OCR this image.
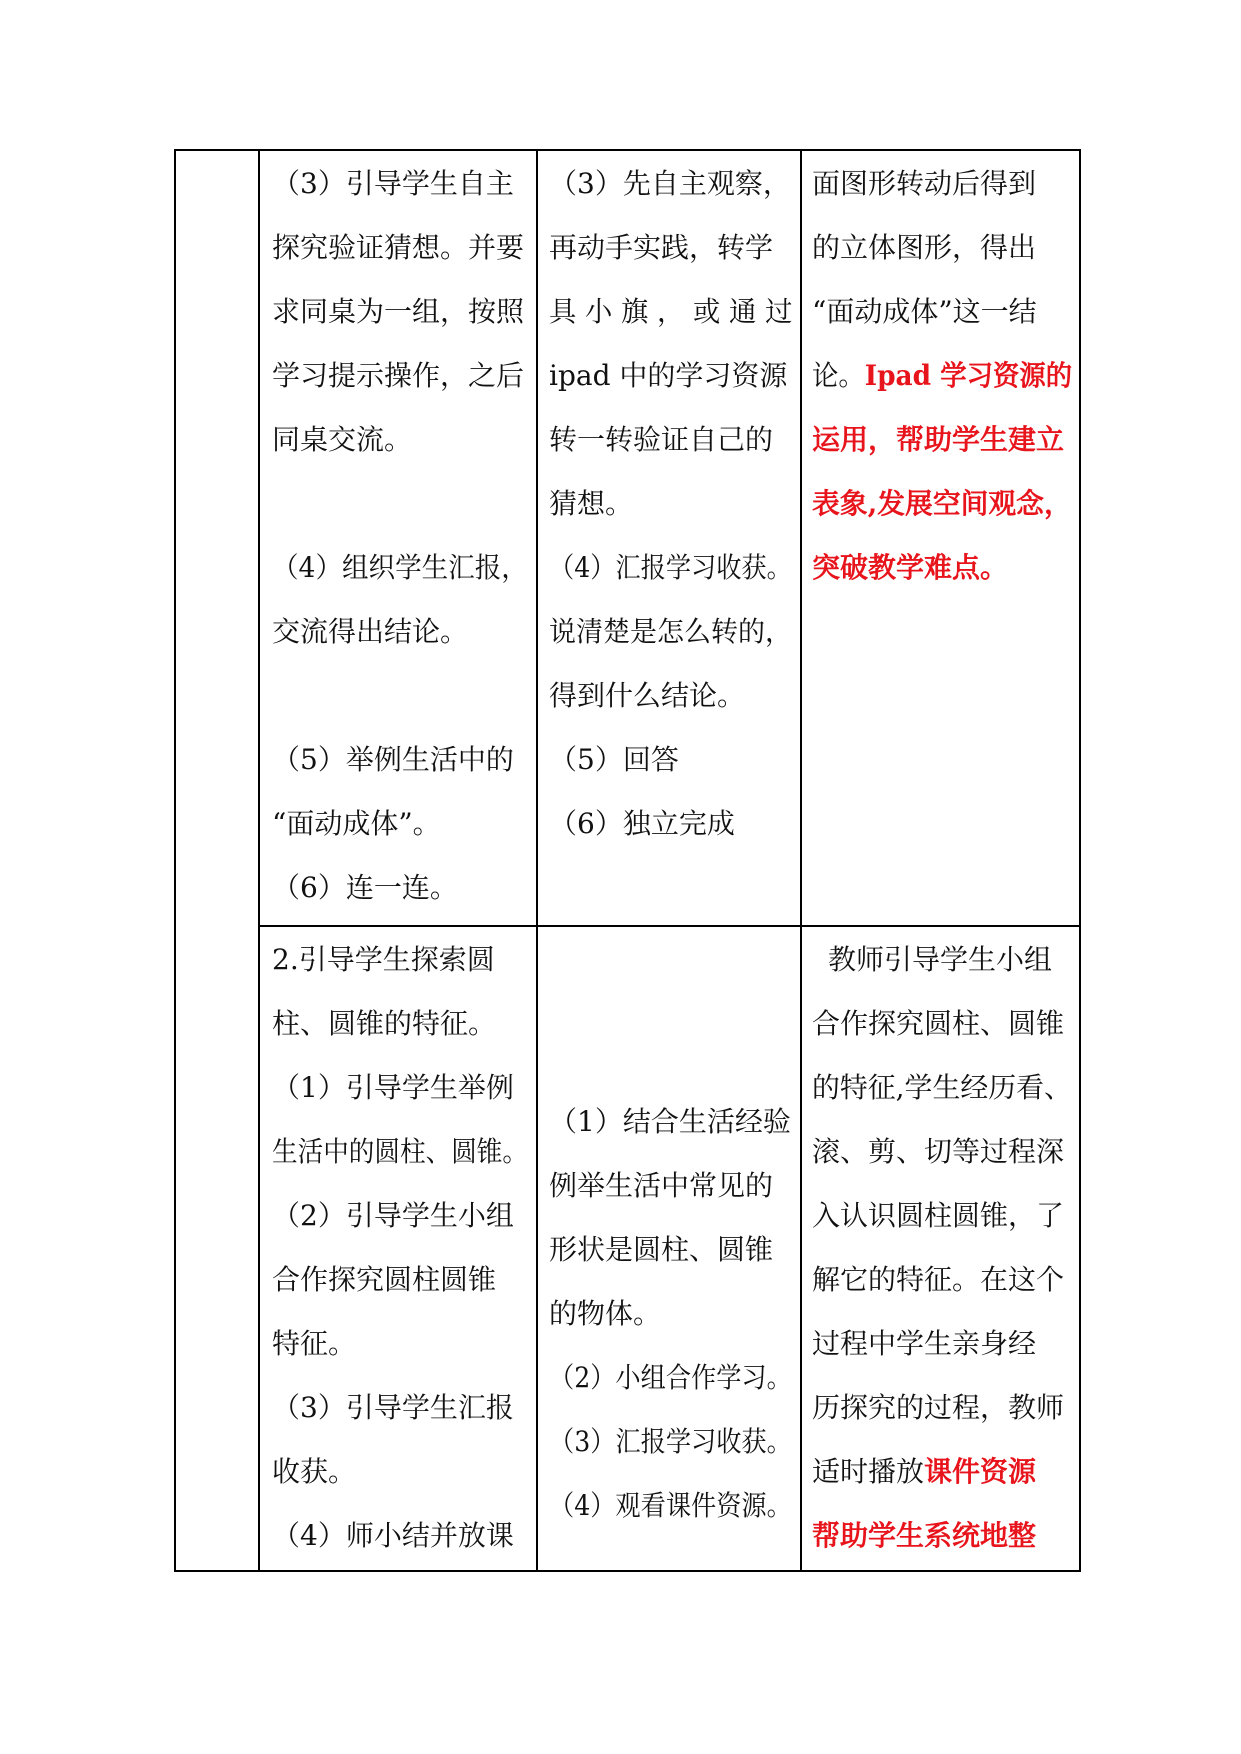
（3）引导学生自主
探究验证猜想。并要
求同桌为一组，按照
学习提示操作，之后
同桌交流。
（4）组织学生汇报，
交流得出结论。
（5）举例生活中的
“面动成体”。
（6）连一连。
（3）先自主观察，
再动手实践，转学
具 小 旗 ， 或 通 过
ipad 中的学习资源
转一转验证自己的
猜想。
（4）汇报学习收获。
说清楚是怎么转的，
得到什么结论。
（5）回答
（6）独立完成
面图形转动后得到
的立体图形，得出
“面动成体”这一结
论。Ipad 学习资源的
运用，帮助学生建立
表象,发展空间观念，
突破教学难点。
2.引导学生探索圆
柱、圆锥的特征。
（1）引导学生举例
生活中的圆柱、圆锥。
（2）引导学生小组
合作探究圆柱圆锥
特征。
（3）引导学生汇报
收获。
（4）师小结并放课
（1）结合生活经验
例举生活中常见的
形状是圆柱、圆锥
的物体。
（2）小组合作学习。
（3）汇报学习收获。
（4）观看课件资源。
教师引导学生小组
合作探究圆柱、圆锥
的特征,学生经历看、
滚、剪、切等过程深
入认识圆柱圆锥，了
解它的特征。在这个
过程中学生亲身经
历探究的过程，教师
适时播放课件资源
帮助学生系统地整
